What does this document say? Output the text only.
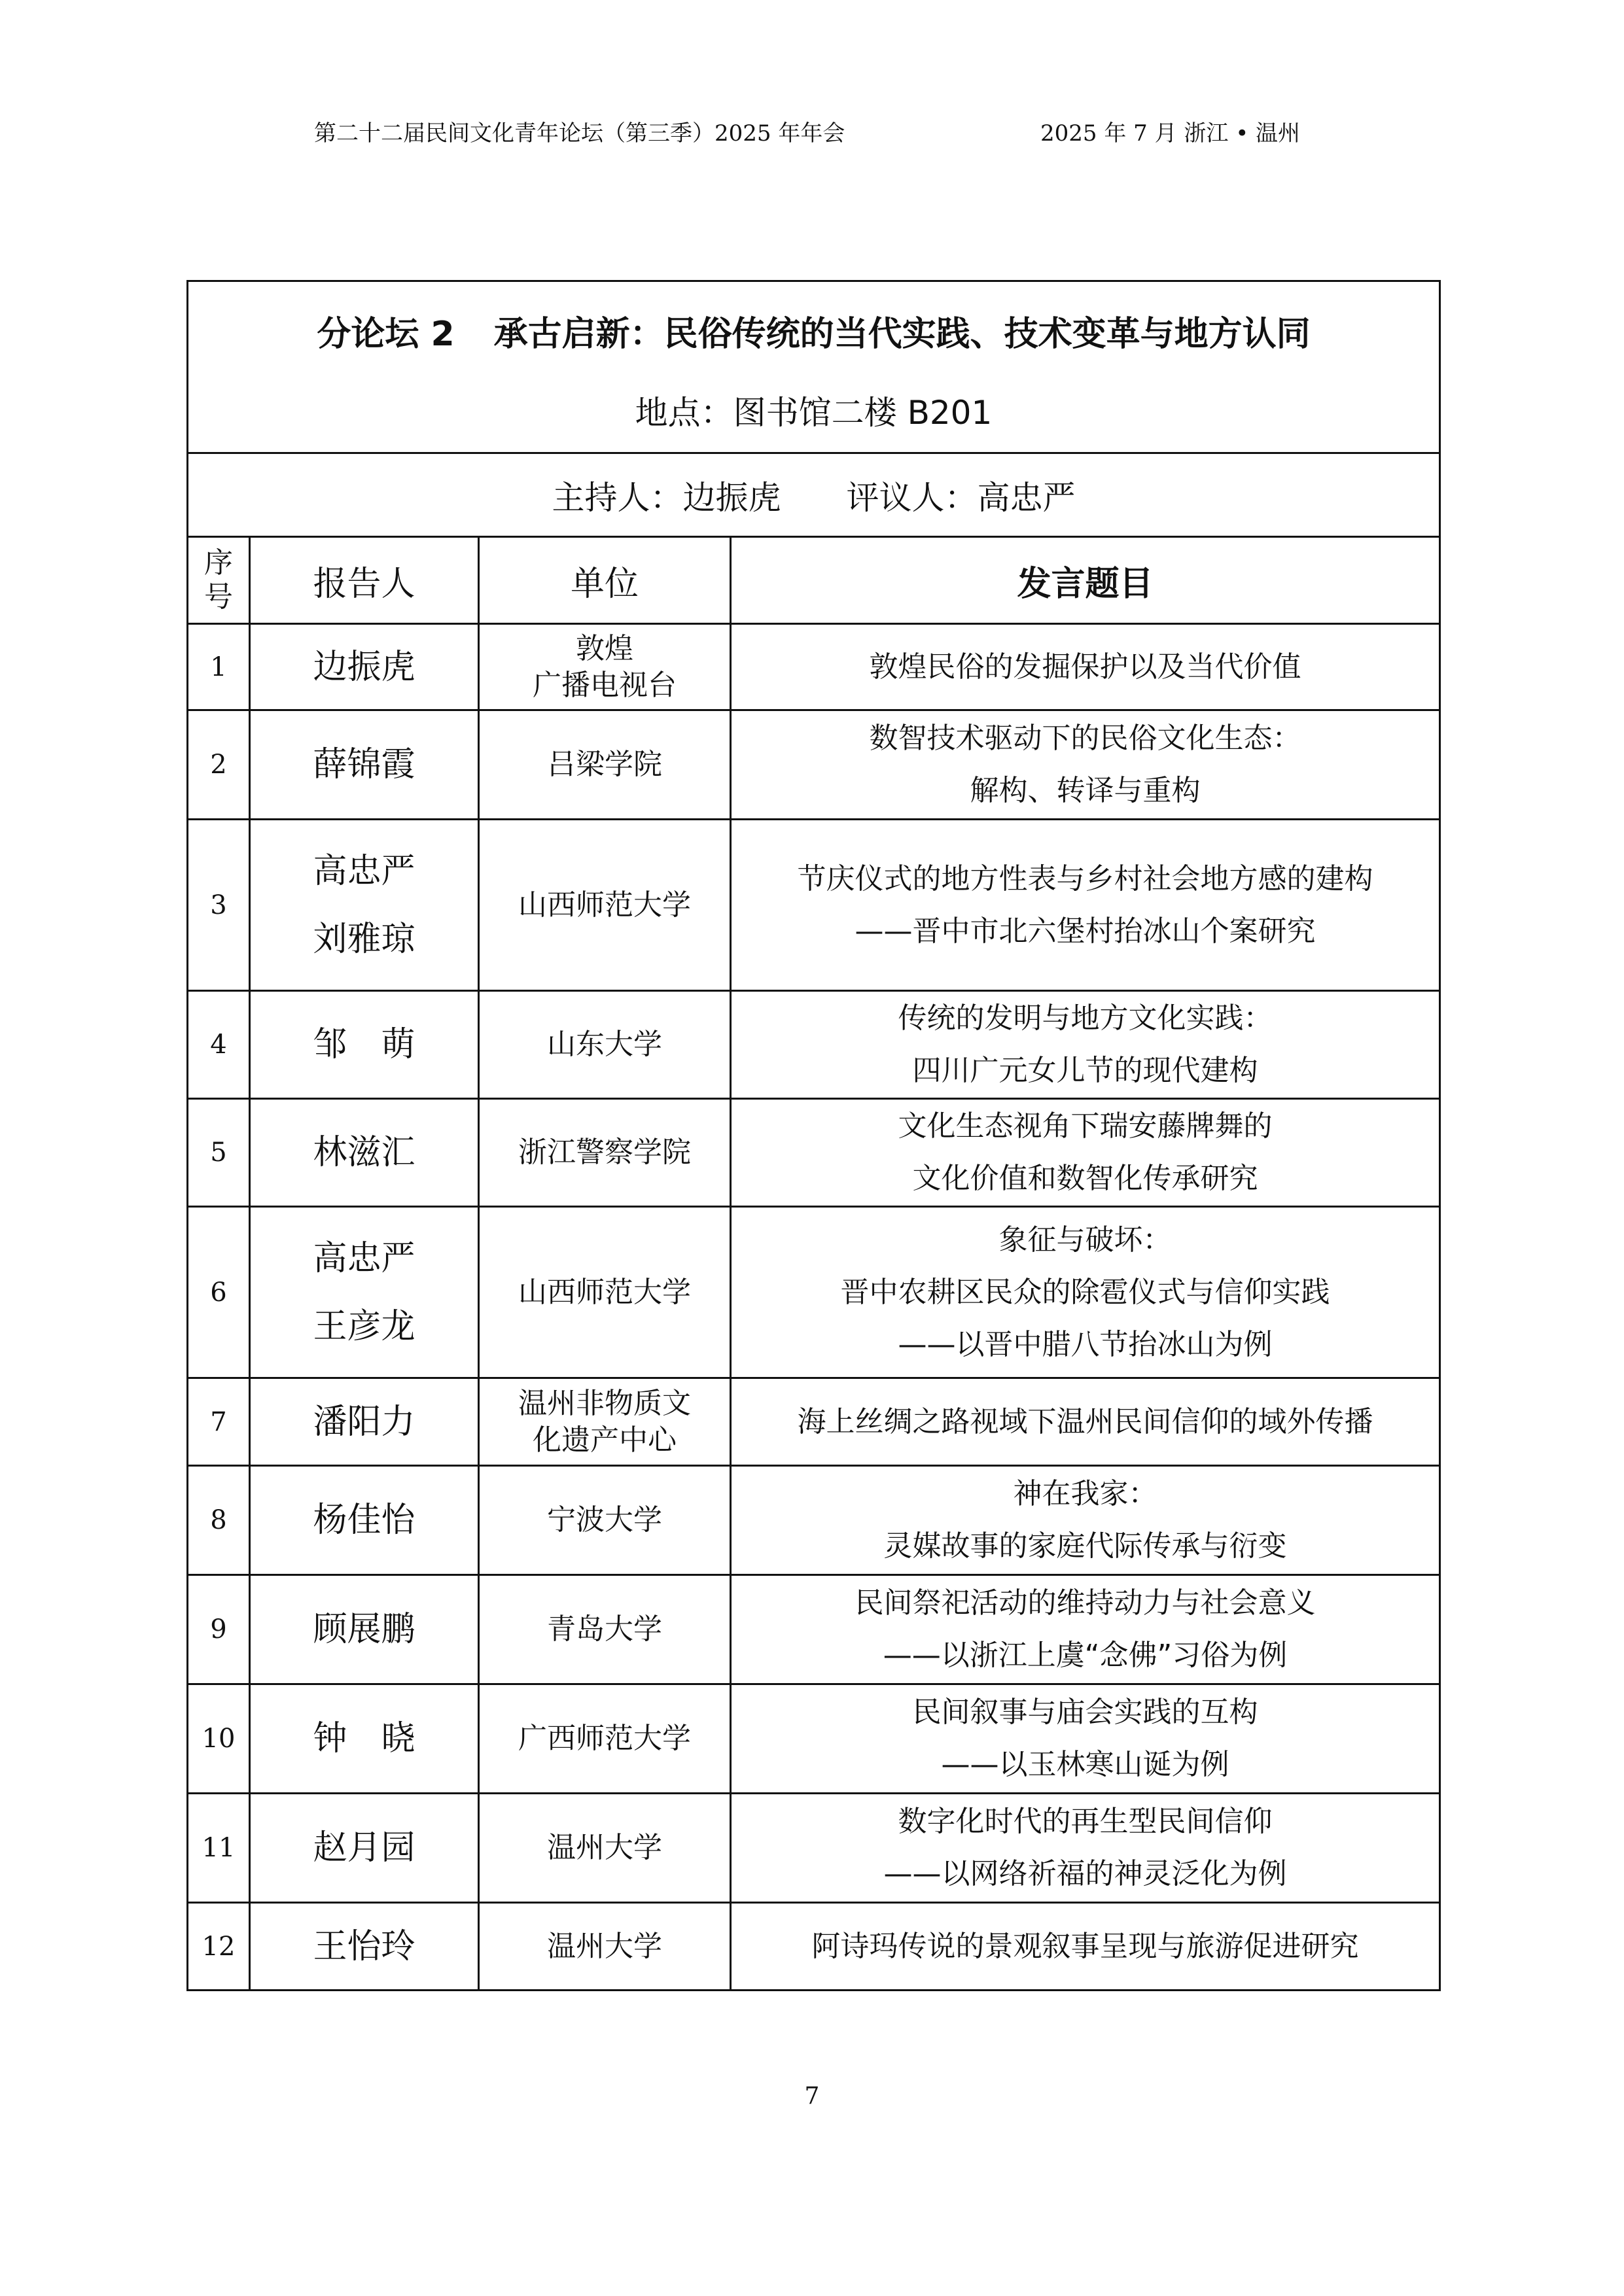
第二十二届民间文化青年论坛（第三季）2025 年年会	2025 年 7 月 浙江 • 温州
分论坛 2 承古启新：民俗传统的当代实践、技术变革与地方认同
地点：图书馆二楼 B201			

主持人：边振虎 评议人：高忠严			

序
号	报告人	单位	发言题目
1	边振虎	敦煌
广播电视台	敦煌民俗的发掘保护以及当代价值

2	薛锦霞	吕梁学院	数智技术驱动下的民俗文化生态：
解构、转译与重构

3	高忠严
刘雅琼	山西师范大学	节庆仪式的地方性表与乡村社会地方感的建构
——晋中市北六堡村抬冰山个案研究

4	邹　萌	山东大学	传统的发明与地方文化实践：
四川广元女儿节的现代建构

5	林滋汇	浙江警察学院	文化生态视角下瑞安藤牌舞的
文化价值和数智化传承研究

6	高忠严
王彦龙	山西师范大学	象征与破坏：
晋中农耕区民众的除雹仪式与信仰实践
——以晋中腊八节抬冰山为例

7	潘阳力	温州非物质文
化遗产中心	海上丝绸之路视域下温州民间信仰的域外传播

8	杨佳怡	宁波大学	神在我家：
灵媒故事的家庭代际传承与衍变

9	顾展鹏	青岛大学	民间祭祀活动的维持动力与社会意义
——以浙江上虞“念佛”习俗为例

10	钟　晓	广西师范大学	民间叙事与庙会实践的互构
——以玉林寒山诞为例

11	赵月园	温州大学	数字化时代的再生型民间信仰
——以网络祈福的神灵泛化为例

12	王怡玲	温州大学	阿诗玛传说的景观叙事呈现与旅游促进研究
7
